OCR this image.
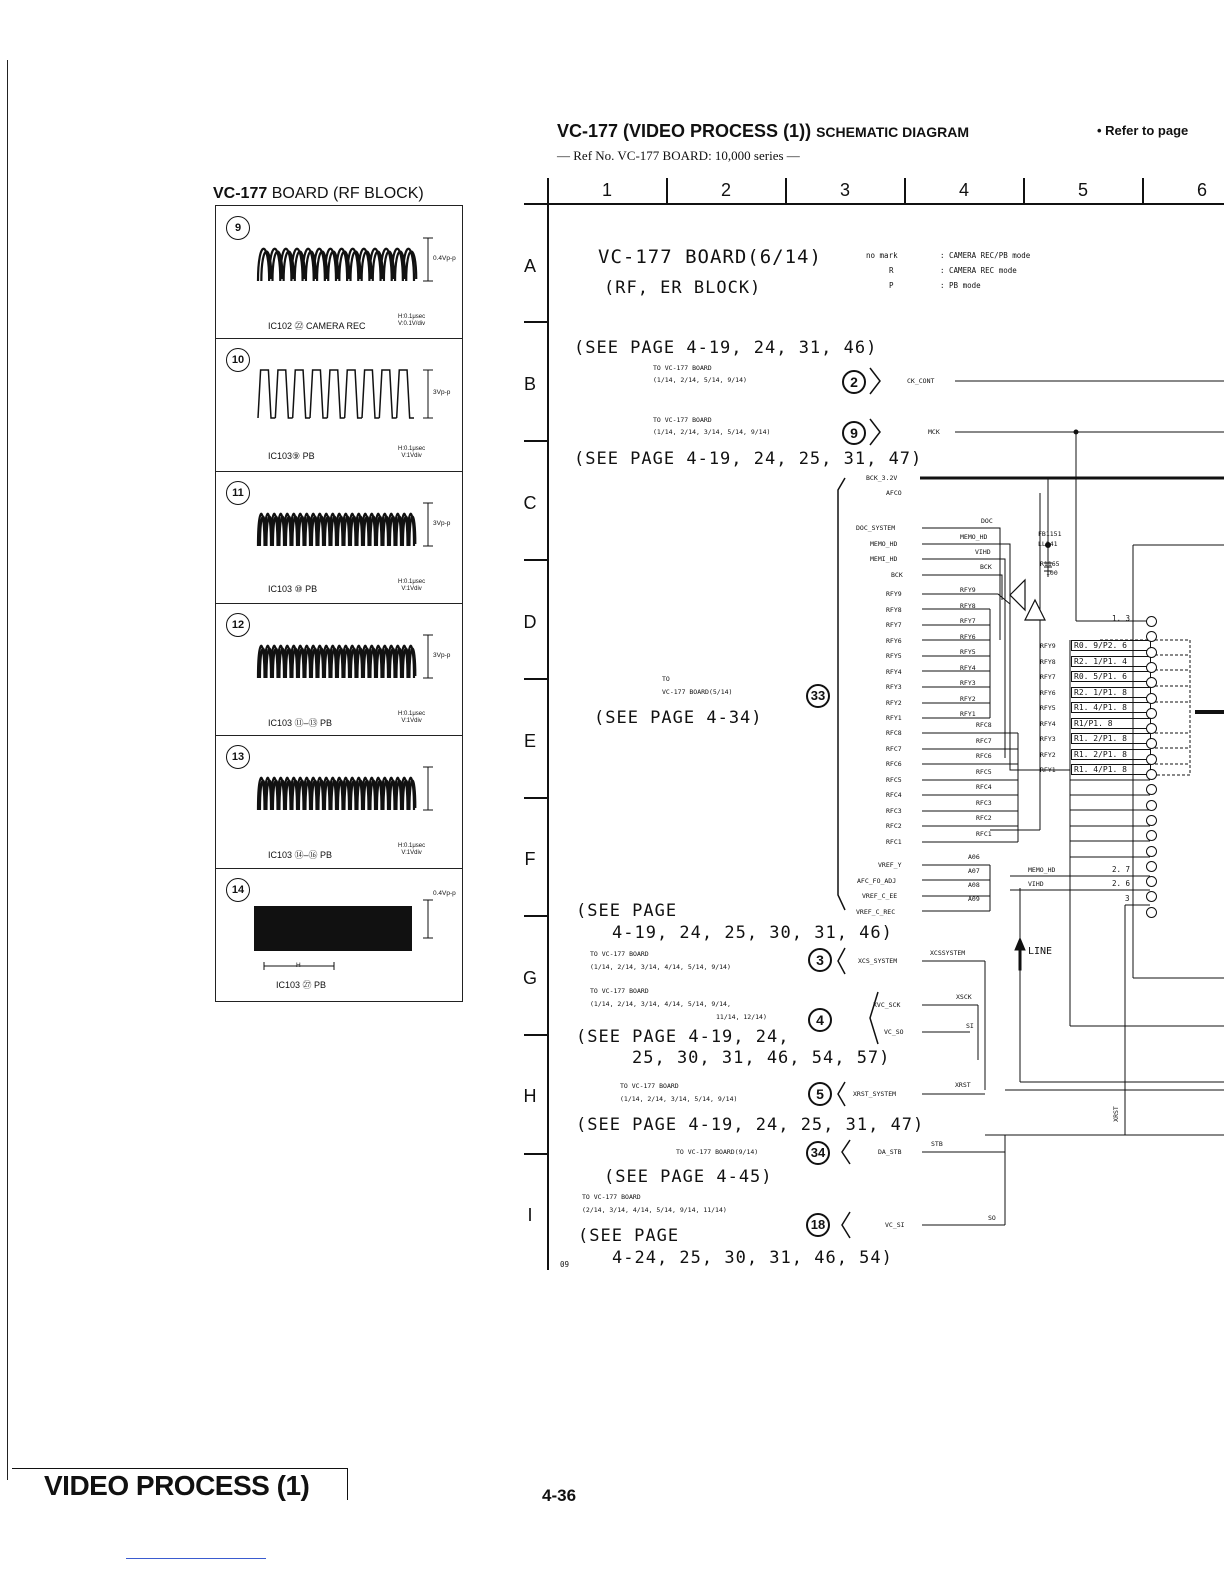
VC-177 (VIDEO PROCESS (1)) SCHEMATIC DIAGRAM
— Ref No. VC-177 BOARD: 10,000 series —
• Refer to page
VC-177 BOARD (RF BLOCK)
9
0.4Vp-p
IC102 ㉒ CAMERA REC
H:0.1μsec
V:0.1V/div
10
3Vp-p
IC103⑨ PB
H:0.1μsec
V:1Vdiv
11
3Vp-p
IC103 ⑩ PB
H:0.1μsec
V:1Vdiv
12
3Vp-p
IC103 ⑪–⑬ PB
H:0.1μsec
V:1Vdiv
13
IC103 ⑭–⑯ PB
H:0.1μsec
V:1Vdiv
14	0.4Vp-p
H
IC103 ㉗ PB
1	2	3	4	5	6
A
B
C
D
E
F
G
H
I
VC-177 BOARD(6/14)
(RF, ER BLOCK)
no mark	: CAMERA REC/PB mode
R	: CAMERA REC mode
P	: PB mode
(SEE PAGE 4-19, 24, 31, 46)
TO VC-177 BOARD
(1/14, 2/14, 5/14, 9/14)
TO VC-177 BOARD
(1/14, 2/14, 3/14, 5/14, 9/14)
(SEE PAGE 4-19, 24, 25, 31, 47)
TO
VC-177 BOARD(5/14)
(SEE PAGE 4-34)
(SEE PAGE
4-19, 24, 25, 30, 31, 46)
TO VC-177 BOARD
(1/14, 2/14, 3/14, 4/14, 5/14, 9/14)
TO VC-177 BOARD
(1/14, 2/14, 3/14, 4/14, 5/14, 9/14,
11/14, 12/14)
(SEE PAGE 4-19, 24,
25, 30, 31, 46, 54, 57)
TO VC-177 BOARD
(1/14, 2/14, 3/14, 5/14, 9/14)
(SEE PAGE 4-19, 24, 25, 31, 47)
TO VC-177 BOARD(9/14)
(SEE PAGE 4-45)
TO VC-177 BOARD
(2/14, 3/14, 4/14, 5/14, 9/14, 11/14)
(SEE PAGE
4-24, 25, 30, 31, 46, 54)
09
2
9
33
3
4
5
34
18
CK_CONT
MCK
BCK_3.2V
AFCO
DOC_SYSTEM
MEMO_HD
MEMI_HD
BCK
DOC
MEMO_HD
VIHD
BCK
RFY9	RFY9
RFY8	RFY8
RFY7	RFY7
RFY6	RFY6
RFY5	RFY5
RFY4	RFY4
RFY3	RFY3
RFY2	RFY2
RFY1	RFY1
RFC8
RFC8
RFC7
RFC7
RFC6
RFC6
RFC5
RFC5
RFC4
RFC4
RFC3
RFC3
RFC2
RFC2
RFC1
RFC1
VREF_Y
A06
AFC_FO_ADJ
A07
VREF_C_EE
A08
VREF_C_REC
A09
FB1151
LL241
R1165
100
RFY9	R0. 9/P2. 6
RFY8	R2. 1/P1. 4
RFY7	R0. 5/P1. 6
RFY6	R2. 1/P1. 8
RFY5	R1. 4/P1. 8
RFY4	R1/P1. 8
RFY3	R1. 2/P1. 8
RFY2	R1. 2/P1. 8
RFY1	R1. 4/P1. 8
1. 3
MEMO_HD
VIHD
2. 7
2. 6
3
LINE
XRST
XCS_SYSTEM
XVC_SCK
VC_SO
XRST_SYSTEM
DA_STB
VC_SI
XCSSYSTEM
XSCK
SI
XRST
STB
SO
VIDEO PROCESS (1)	4-36
